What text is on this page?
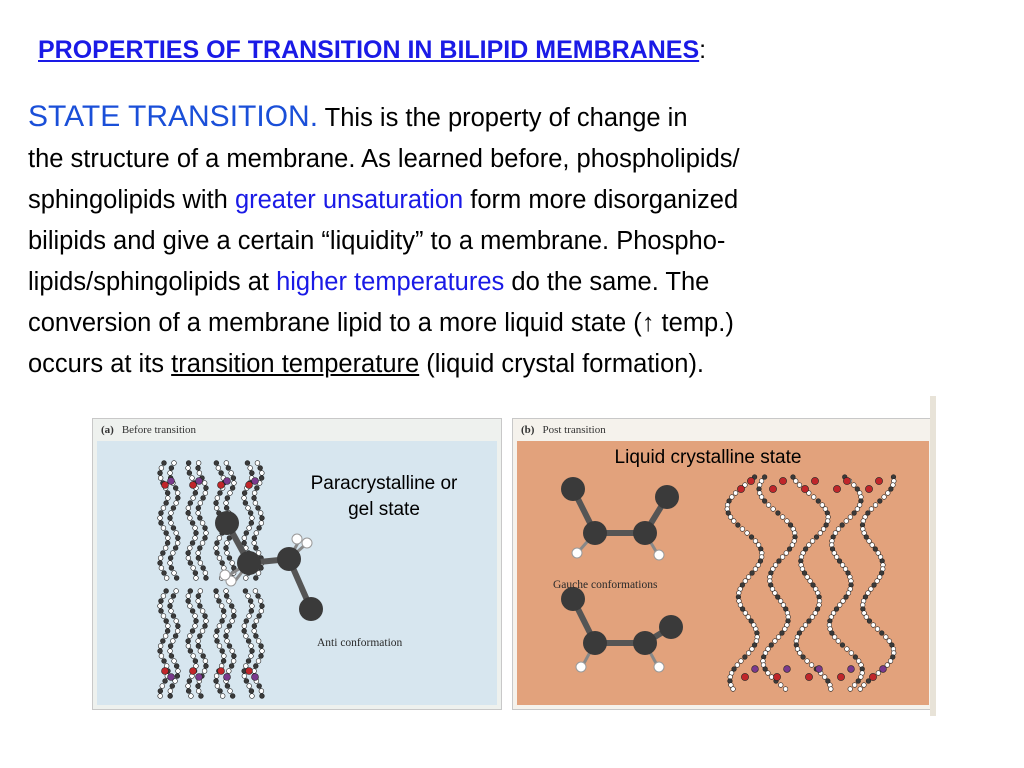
PROPERTIES OF TRANSITION IN BILIPID MEMBRANES:
STATE TRANSITION. This is the property of change in
the structure of a membrane. As learned before, phospholipids/
sphingolipids with greater unsaturation form more disorganized
bilipids and give a certain “liquidity” to a membrane. Phospho-
lipids/sphingolipids at higher temperatures do the same. The
conversion of a membrane lipid to a more liquid state (↑ temp.)
occurs at its transition temperature (liquid crystal formation).
(a) Before transition
Anti conformation
Paracrystalline or
gel state
(b) Post transition
Gauche conformations
Liquid crystalline state
